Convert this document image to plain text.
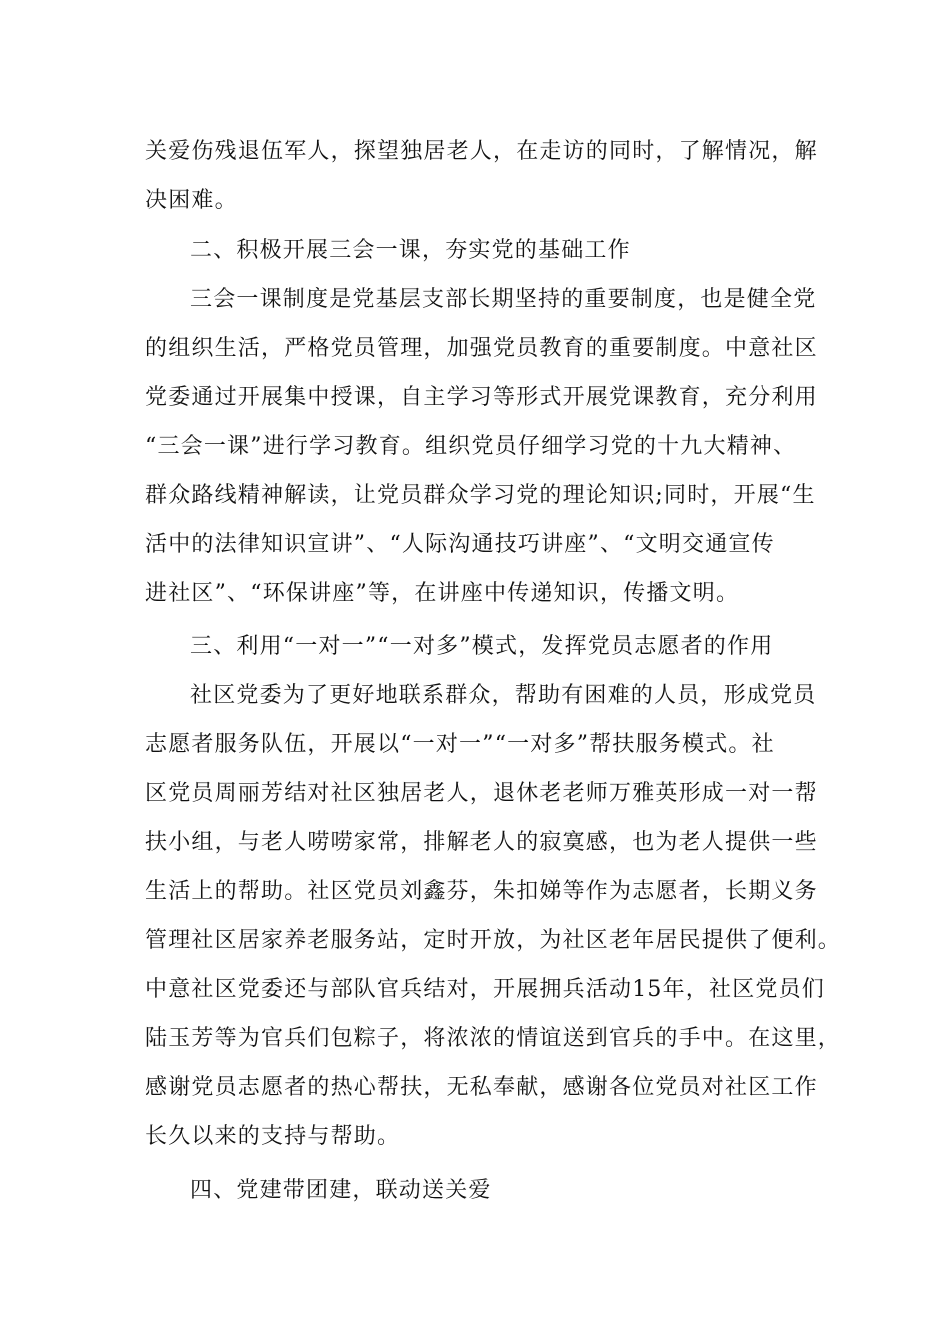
关爱伤残退伍军人，探望独居老人，在走访的同时，了解情况，解
决困难。
二、积极开展三会一课，夯实党的基础工作
三会一课制度是党基层支部长期坚持的重要制度，也是健全党
的组织生活，严格党员管理，加强党员教育的重要制度。中意社区
党委通过开展集中授课，自主学习等形式开展党课教育，充分利用
“三会一课”进行学习教育。组织党员仔细学习党的十九大精神、
群众路线精神解读，让党员群众学习党的理论知识;同时，开展“生
活中的法律知识宣讲”、“人际沟通技巧讲座”、“文明交通宣传
进社区”、“环保讲座”等，在讲座中传递知识，传播文明。
三、利用“一对一”“一对多”模式，发挥党员志愿者的作用
社区党委为了更好地联系群众，帮助有困难的人员，形成党员
志愿者服务队伍，开展以“一对一”“一对多”帮扶服务模式。社
区党员周丽芳结对社区独居老人，退休老老师万雅英形成一对一帮
扶小组，与老人唠唠家常，排解老人的寂寞感，也为老人提供一些
生活上的帮助。社区党员刘鑫芬，朱扣娣等作为志愿者，长期义务
管理社区居家养老服务站，定时开放，为社区老年居民提供了便利。
中意社区党委还与部队官兵结对，开展拥兵活动15年，社区党员们
陆玉芳等为官兵们包粽子，将浓浓的情谊送到官兵的手中。在这里，
感谢党员志愿者的热心帮扶，无私奉献，感谢各位党员对社区工作
长久以来的支持与帮助。
四、党建带团建，联动送关爱
